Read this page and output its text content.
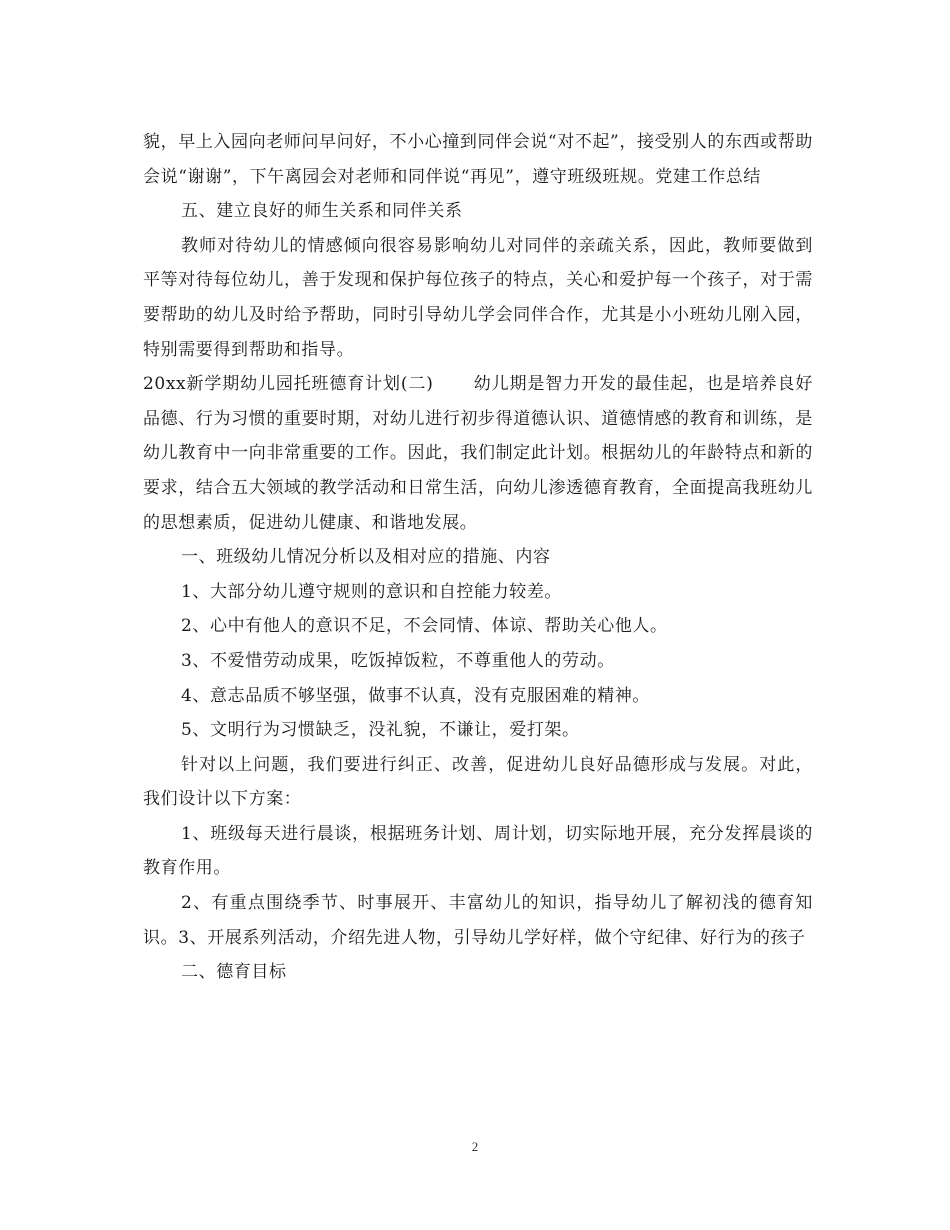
貌，早上入园向老师问早问好，不小心撞到同伴会说“对不起”，接受别人的东西或帮助会说“谢谢”，下午离园会对老师和同伴说“再见”，遵守班级班规。党建工作总结

五、建立良好的师生关系和同伴关系

教师对待幼儿的情感倾向很容易影响幼儿对同伴的亲疏关系，因此，教师要做到平等对待每位幼儿，善于发现和保护每位孩子的特点，关心和爱护每一个孩子，对于需要帮助的幼儿及时给予帮助，同时引导幼儿学会同伴合作，尤其是小小班幼儿刚入园，特别需要得到帮助和指导。

20xx新学期幼儿园托班德育计划(二) 幼儿期是智力开发的最佳起，也是培养良好品德、行为习惯的重要时期，对幼儿进行初步得道德认识、道德情感的教育和训练，是幼儿教育中一向非常重要的工作。因此，我们制定此计划。根据幼儿的年龄特点和新的要求，结合五大领域的教学活动和日常生活，向幼儿渗透德育教育，全面提高我班幼儿的思想素质，促进幼儿健康、和谐地发展。

一、班级幼儿情况分析以及相对应的措施、内容

1、大部分幼儿遵守规则的意识和自控能力较差。

2、心中有他人的意识不足，不会同情、体谅、帮助关心他人。

3、不爱惜劳动成果，吃饭掉饭粒，不尊重他人的劳动。

4、意志品质不够坚强，做事不认真，没有克服困难的精神。

5、文明行为习惯缺乏，没礼貌，不谦让，爱打架。

针对以上问题，我们要进行纠正、改善，促进幼儿良好品德形成与发展。对此，我们设计以下方案：

1、班级每天进行晨谈，根据班务计划、周计划，切实际地开展，充分发挥晨谈的教育作用。

2、有重点围绕季节、时事展开、丰富幼儿的知识，指导幼儿了解初浅的德育知识。3、开展系列活动，介绍先进人物，引导幼儿学好样，做个守纪律、好行为的孩子

二、德育目标

2
